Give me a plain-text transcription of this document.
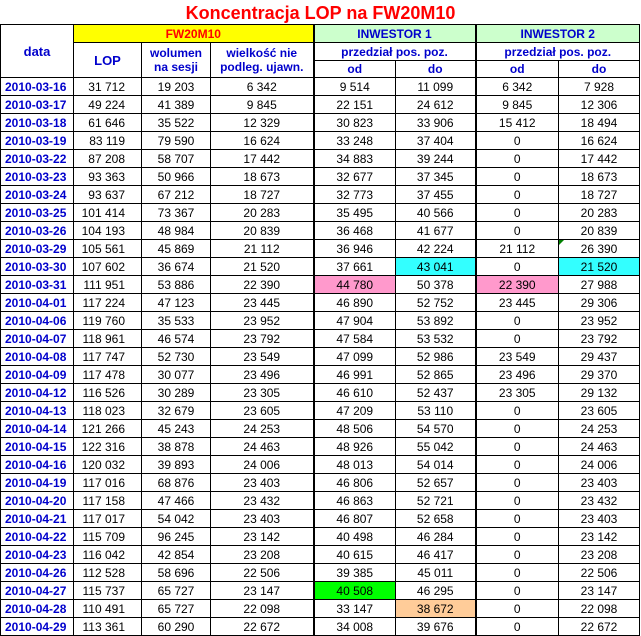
Koncentracja LOP na FW20M10
data	FW20M10			INWESTOR 1		INWESTOR 2	
	LOP	wolumen na sesji	wielkość nie podleg. ujawn.	przedział pos. poz.		przedział pos. poz.	
				od	do	od	do
2010-03-16	31 712	19 203	6 342	9 514	11 099	6 342	7 928
2010-03-17	49 224	41 389	9 845	22 151	24 612	9 845	12 306
2010-03-18	61 646	35 522	12 329	30 823	33 906	15 412	18 494
2010-03-19	83 119	79 590	16 624	33 248	37 404	0	16 624
2010-03-22	87 208	58 707	17 442	34 883	39 244	0	17 442
2010-03-23	93 363	50 966	18 673	32 677	37 345	0	18 673
2010-03-24	93 637	67 212	18 727	32 773	37 455	0	18 727
2010-03-25	101 414	73 367	20 283	35 495	40 566	0	20 283
2010-03-26	104 193	48 984	20 839	36 468	41 677	0	20 839
2010-03-29	105 561	45 869	21 112	36 946	42 224	21 112	26 390
2010-03-30	107 602	36 674	21 520	37 661	43 041	0	21 520
2010-03-31	111 951	53 886	22 390	44 780	50 378	22 390	27 988
2010-04-01	117 224	47 123	23 445	46 890	52 752	23 445	29 306
2010-04-06	119 760	35 533	23 952	47 904	53 892	0	23 952
2010-04-07	118 961	46 574	23 792	47 584	53 532	0	23 792
2010-04-08	117 747	52 730	23 549	47 099	52 986	23 549	29 437
2010-04-09	117 478	30 077	23 496	46 991	52 865	23 496	29 370
2010-04-12	116 526	30 289	23 305	46 610	52 437	23 305	29 132
2010-04-13	118 023	32 679	23 605	47 209	53 110	0	23 605
2010-04-14	121 266	45 243	24 253	48 506	54 570	0	24 253
2010-04-15	122 316	38 878	24 463	48 926	55 042	0	24 463
2010-04-16	120 032	39 893	24 006	48 013	54 014	0	24 006
2010-04-19	117 016	68 876	23 403	46 806	52 657	0	23 403
2010-04-20	117 158	47 466	23 432	46 863	52 721	0	23 432
2010-04-21	117 017	54 042	23 403	46 807	52 658	0	23 403
2010-04-22	115 709	96 245	23 142	40 498	46 284	0	23 142
2010-04-23	116 042	42 854	23 208	40 615	46 417	0	23 208
2010-04-26	112 528	58 696	22 506	39 385	45 011	0	22 506
2010-04-27	115 737	65 727	23 147	40 508	46 295	0	23 147
2010-04-28	110 491	65 727	22 098	33 147	38 672	0	22 098
2010-04-29	113 361	60 290	22 672	34 008	39 676	0	22 672
